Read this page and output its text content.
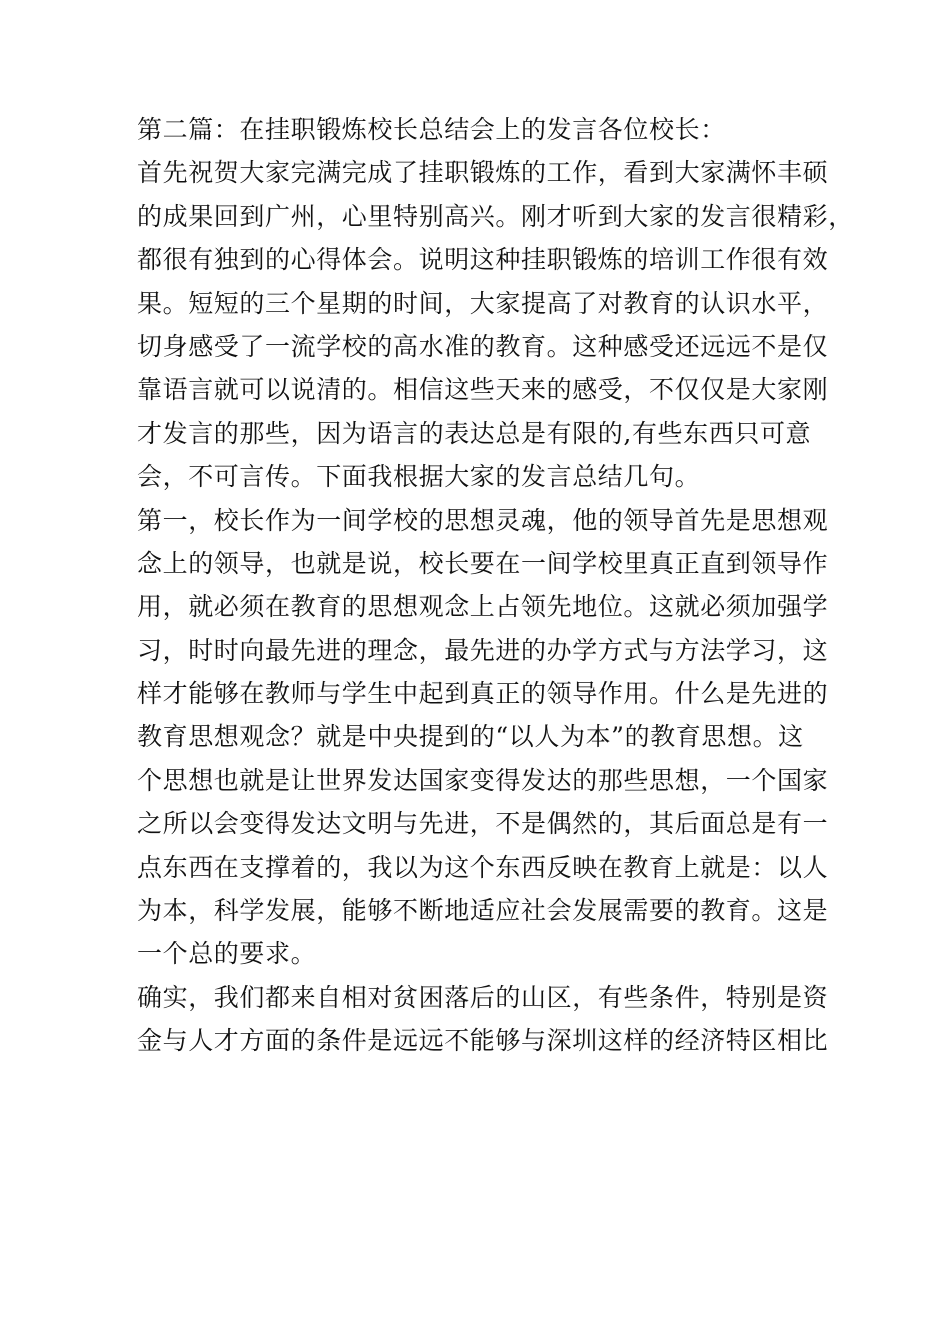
第二篇：在挂职锻炼校长总结会上的发言各位校长：
首先祝贺大家完满完成了挂职锻炼的工作，看到大家满怀丰硕
的成果回到广州，心里特别高兴。刚才听到大家的发言很精彩，
都很有独到的心得体会。说明这种挂职锻炼的培训工作很有效
果。短短的三个星期的时间，大家提高了对教育的认识水平，
切身感受了一流学校的高水准的教育。这种感受还远远不是仅
靠语言就可以说清的。相信这些天来的感受，不仅仅是大家刚
才发言的那些，因为语言的表达总是有限的,有些东西只可意
会，不可言传。下面我根据大家的发言总结几句。
第一，校长作为一间学校的思想灵魂，他的领导首先是思想观
念上的领导，也就是说，校长要在一间学校里真正直到领导作
用，就必须在教育的思想观念上占领先地位。这就必须加强学
习，时时向最先进的理念，最先进的办学方式与方法学习，这
样才能够在教师与学生中起到真正的领导作用。什么是先进的
教育思想观念？就是中央提到的“以人为本”的教育思想。这
个思想也就是让世界发达国家变得发达的那些思想，一个国家
之所以会变得发达文明与先进，不是偶然的，其后面总是有一
点东西在支撑着的，我以为这个东西反映在教育上就是：以人
为本，科学发展，能够不断地适应社会发展需要的教育。这是
一个总的要求。
确实，我们都来自相对贫困落后的山区，有些条件，特别是资
金与人才方面的条件是远远不能够与深圳这样的经济特区相比
